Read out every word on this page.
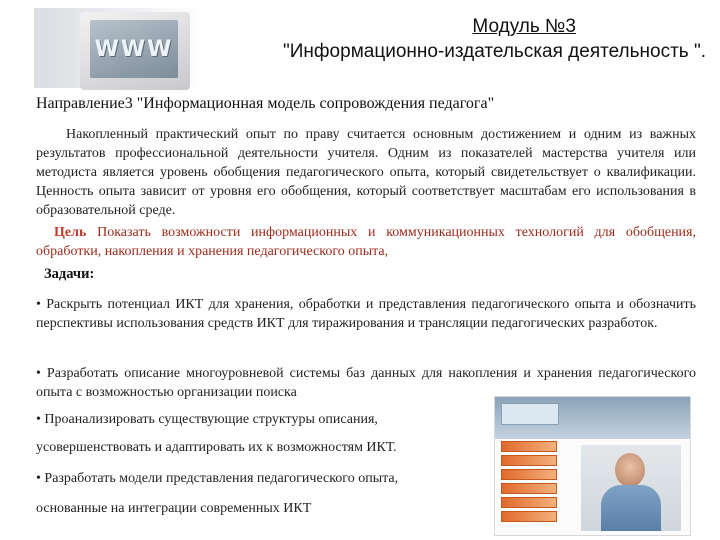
WWW
Модуль №3
"Информационно-издательская деятельность ".
Направление3 "Информационная модель сопровождения педагога"
Накопленный практический опыт по праву считается основным достижением и одним из важных результатов профессиональной деятельности учителя. Одним из показателей мастерства учителя или методиста является уровень обобщения педагогического опыта, который свидетельствует о квалификации. Ценность опыта зависит от уровня его обобщения, который соответствует масштабам его использования в образовательной среде.
Цель Показать возможности информационных и коммуникационных технологий для обобщения, обработки, накопления и хранения педагогического опыта,
Задачи:
• Раскрыть потенциал ИКТ для хранения, обработки и представления педагогического опыта и обозначить перспективы использования средств ИКТ для тиражирования и трансляции педагогических разработок.
• Разработать описание многоуровневой системы баз данных для накопления и хранения педагогического опыта с возможностью организации поиска
• Проанализировать существующие структуры описания,
усовершенствовать и адаптировать их к возможностям ИКТ.
• Разработать модели представления педагогического опыта,
основанные на интеграции современных ИКТ
